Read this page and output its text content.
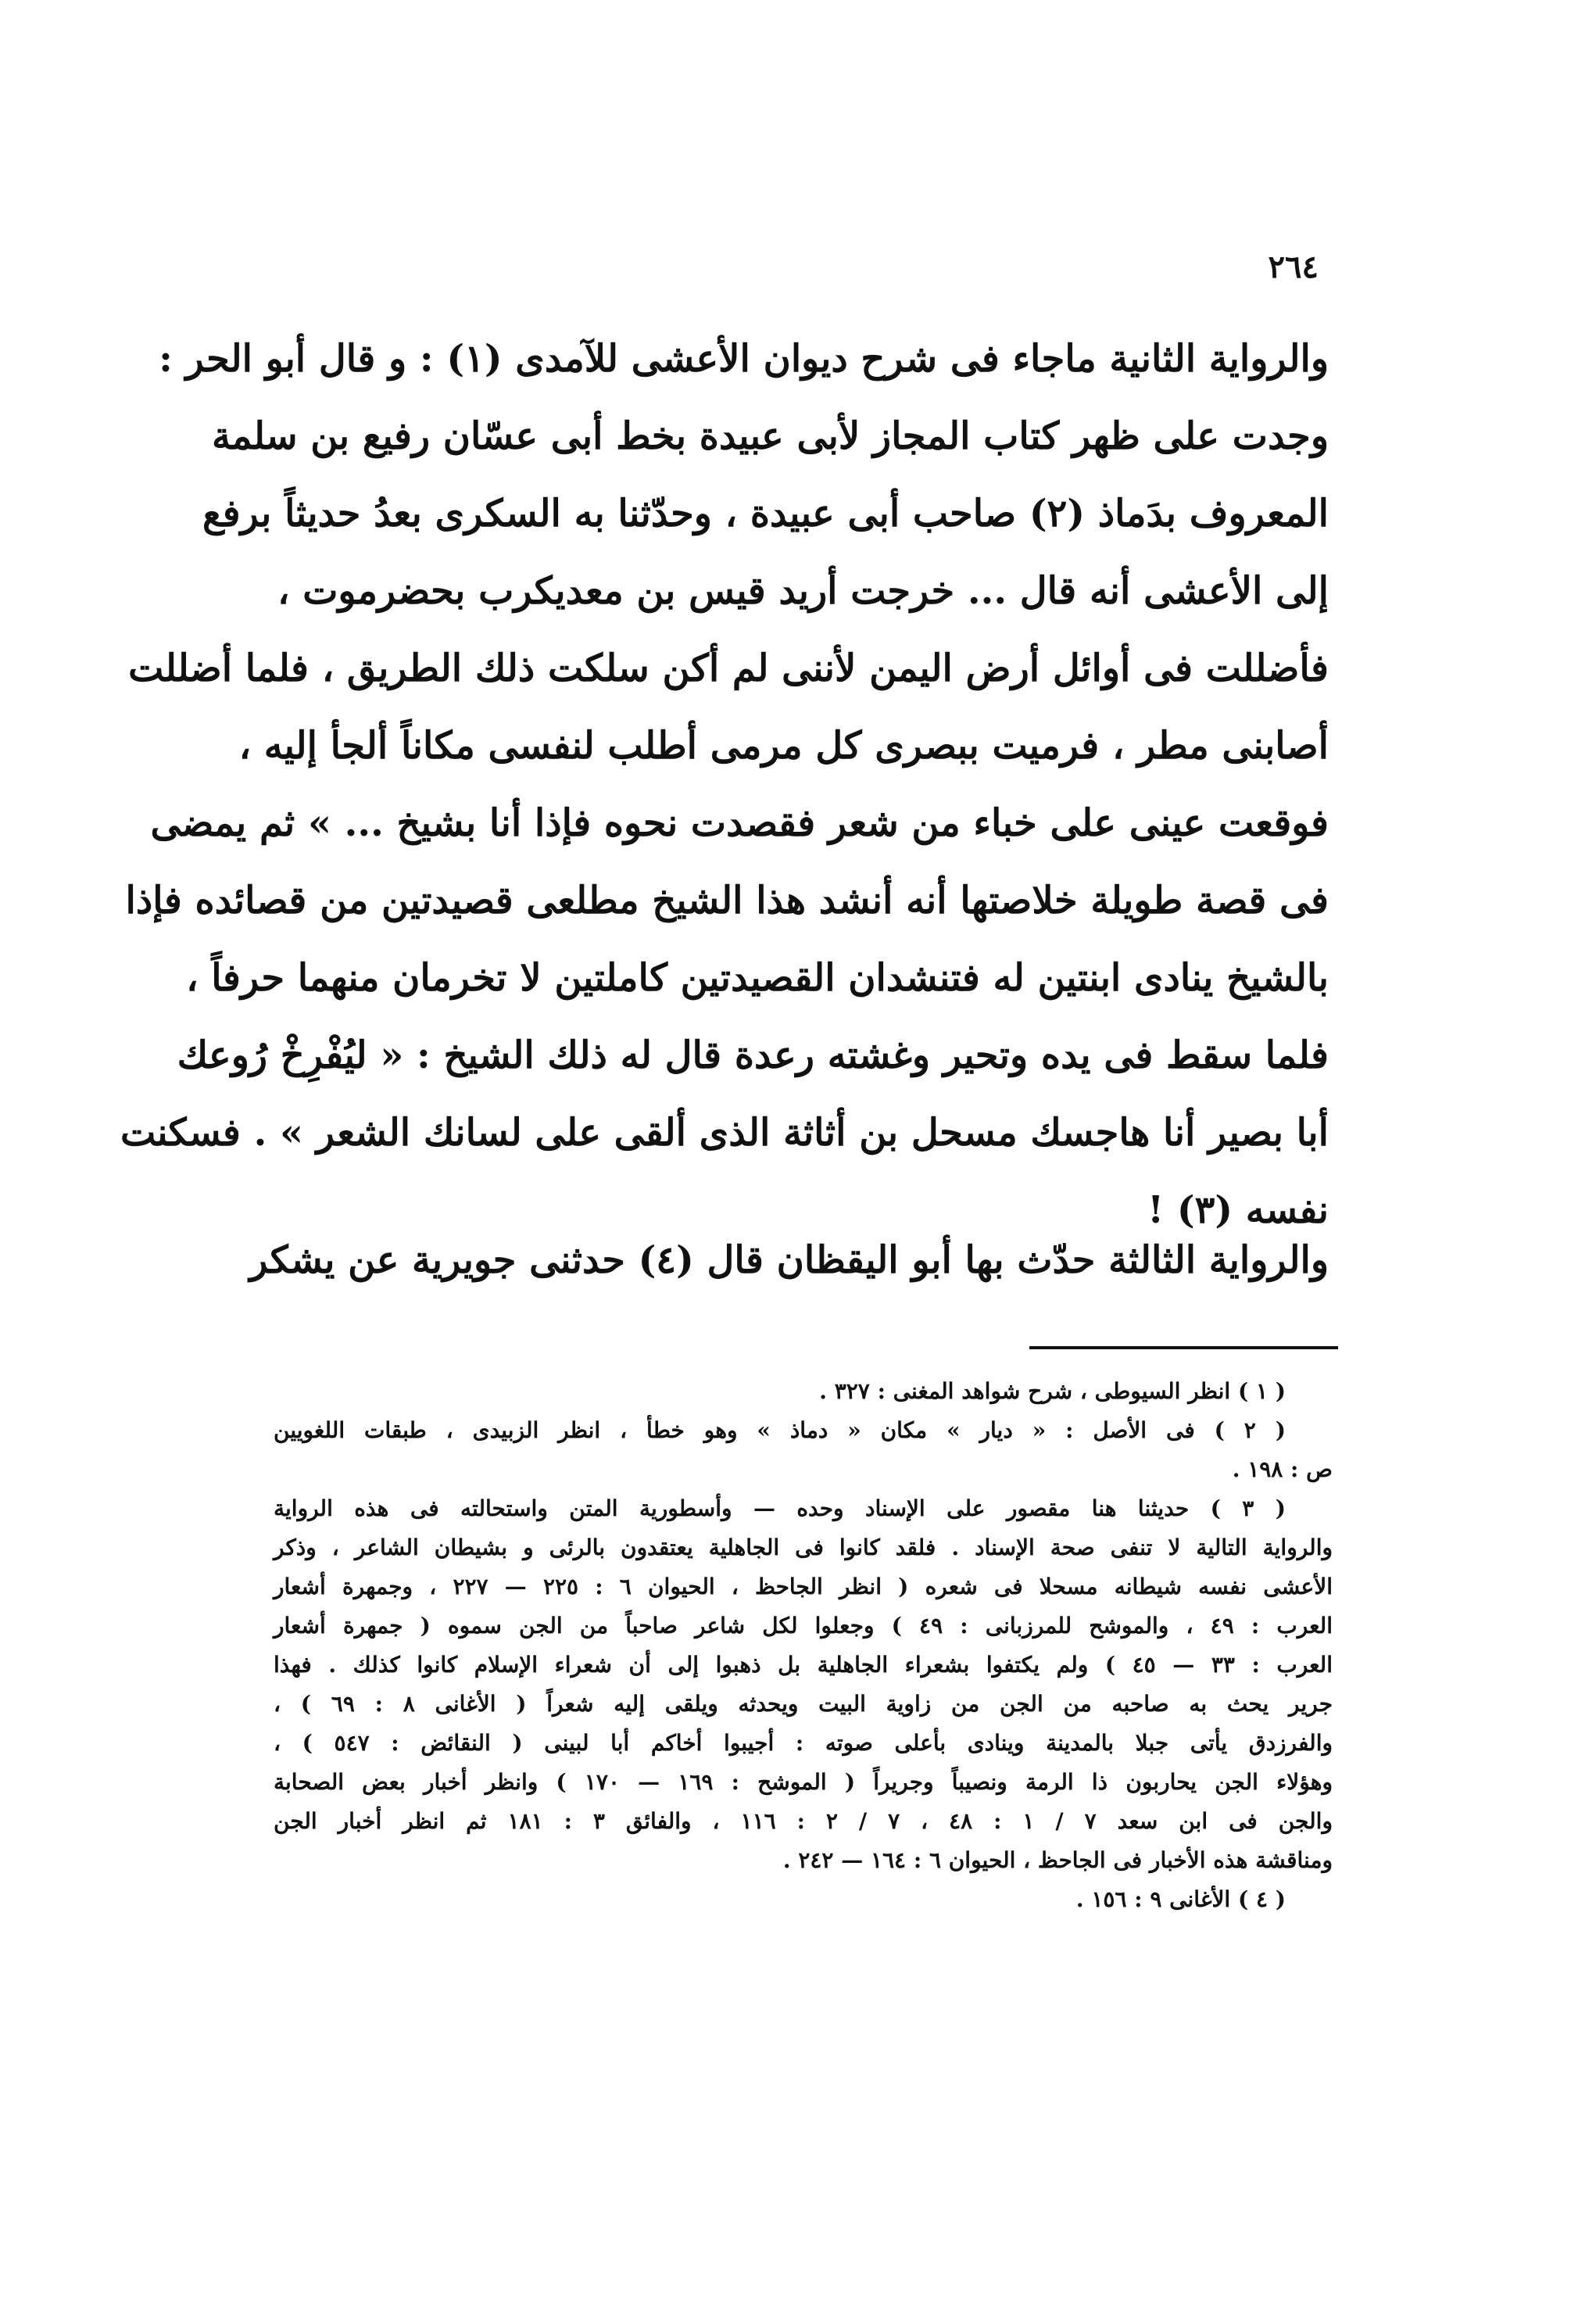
٢٦٤
والرواية الثانية ماجاء فى شرح ديوان الأعشى للآمدى (١) : و قال أبو الحر :
وجدت على ظهر كتاب المجاز لأبى عبيدة بخط أبى عسّان رفيع بن سلمة
المعروف بدَماذ (٢) صاحب أبى عبيدة ، وحدّثنا به السكرى بعدُ حديثاً برفع
إلى الأعشى أنه قال ... خرجت أريد قيس بن معديكرب بحضرموت ،
فأضللت فى أوائل أرض اليمن لأننى لم أكن سلكت ذلك الطريق ، فلما أضللت
أصابنى مطر ، فرميت ببصرى كل مرمى أطلب لنفسى مكاناً ألجأ إليه ،
فوقعت عينى على خباء من شعر فقصدت نحوه فإذا أنا بشيخ ... » ثم يمضى
فى قصة طويلة خلاصتها أنه أنشد هذا الشيخ مطلعى قصيدتين من قصائده فإذا
بالشيخ ينادى ابنتين له فتنشدان القصيدتين كاملتين لا تخرمان منهما حرفاً ،
فلما سقط فى يده وتحير وغشته رعدة قال له ذلك الشيخ : « ليُفْرِخْ رُوعك
أبا بصير أنا هاجسك مسحل بن أثاثة الذى ألقى على لسانك الشعر » . فسكنت
نفسه (٣) !
والرواية الثالثة حدّث بها أبو اليقظان قال (٤) حدثنى جويرية عن يشكر
( ١ ) انظر السيوطى ، شرح شواهد المغنى : ٣٢٧ .
( ٢ ) فى الأصل : « ديار » مكان « دماذ » وهو خطأ ، انظر الزبيدى ، طبقات اللغويين
ص : ١٩٨ .
( ٣ ) حديثنا هنا مقصور على الإسناد وحده — وأسطورية المتن واستحالته فى هذه الرواية
والرواية التالية لا تنفى صحة الإسناد . فلقد كانوا فى الجاهلية يعتقدون بالرئى و بشيطان الشاعر ، وذكر
الأعشى نفسه شيطانه مسحلا فى شعره ( انظر الجاحظ ، الحيوان ٦ : ٢٢٥ — ٢٢٧ ، وجمهرة أشعار
العرب : ٤٩ ، والموشح للمرزبانى : ٤٩ ) وجعلوا لكل شاعر صاحباً من الجن سموه ( جمهرة أشعار
العرب : ٣٣ — ٤٥ ) ولم يكتفوا بشعراء الجاهلية بل ذهبوا إلى أن شعراء الإسلام كانوا كذلك . فهذا
جرير يحث به صاحبه من الجن من زاوية البيت ويحدثه ويلقى إليه شعراً ( الأغانى ٨ : ٦٩ ) ،
والفرزدق يأتى جبلا بالمدينة وينادى بأعلى صوته : أجيبوا أخاكم أبا لبينى ( النقائض : ٥٤٧ ) ،
وهؤلاء الجن يحاربون ذا الرمة ونصيباً وجريراً ( الموشح : ١٦٩ — ١٧٠ ) وانظر أخبار بعض الصحابة
والجن فى ابن سعد ٧ / ١ : ٤٨ ، ٧ / ٢ : ١١٦ ، والفائق ٣ : ١٨١ ثم انظر أخبار الجن
ومناقشة هذه الأخبار فى الجاحظ ، الحيوان ٦ : ١٦٤ — ٢٤٢ .
( ٤ ) الأغانى ٩ : ١٥٦ .
